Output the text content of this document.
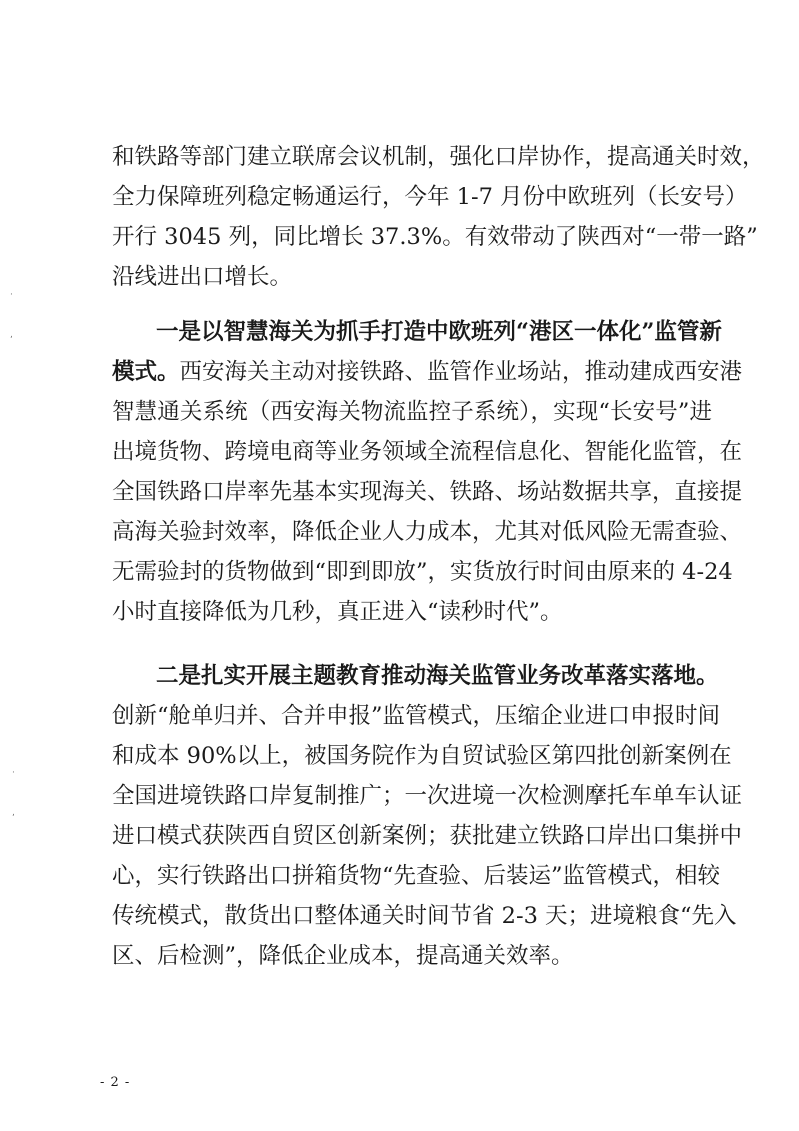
·
,
·
,
和铁路等部门建立联席会议机制，强化口岸协作，提高通关时效，
全力保障班列稳定畅通运行，今年 1-7 月份中欧班列（长安号）
开行 3045 列，同比增长 37.3%。有效带动了陕西对“一带一路”
沿线进出口增长。
一是以智慧海关为抓手打造中欧班列“港区一体化”监管新
模式。西安海关主动对接铁路、监管作业场站，推动建成西安港
智慧通关系统（西安海关物流监控子系统），实现“长安号”进
出境货物、跨境电商等业务领域全流程信息化、智能化监管，在
全国铁路口岸率先基本实现海关、铁路、场站数据共享，直接提
高海关验封效率，降低企业人力成本，尤其对低风险无需查验、
无需验封的货物做到“即到即放”，实货放行时间由原来的 4-24
小时直接降低为几秒，真正进入“读秒时代”。
二是扎实开展主题教育推动海关监管业务改革落实落地。
创新“舱单归并、合并申报”监管模式，压缩企业进口申报时间
和成本 90%以上，被国务院作为自贸试验区第四批创新案例在
全国进境铁路口岸复制推广；一次进境一次检测摩托车单车认证
进口模式获陕西自贸区创新案例；获批建立铁路口岸出口集拼中
心，实行铁路出口拼箱货物“先查验、后装运”监管模式，相较
传统模式，散货出口整体通关时间节省 2-3 天；进境粮食“先入
区、后检测”，降低企业成本，提高通关效率。
- 2 -
